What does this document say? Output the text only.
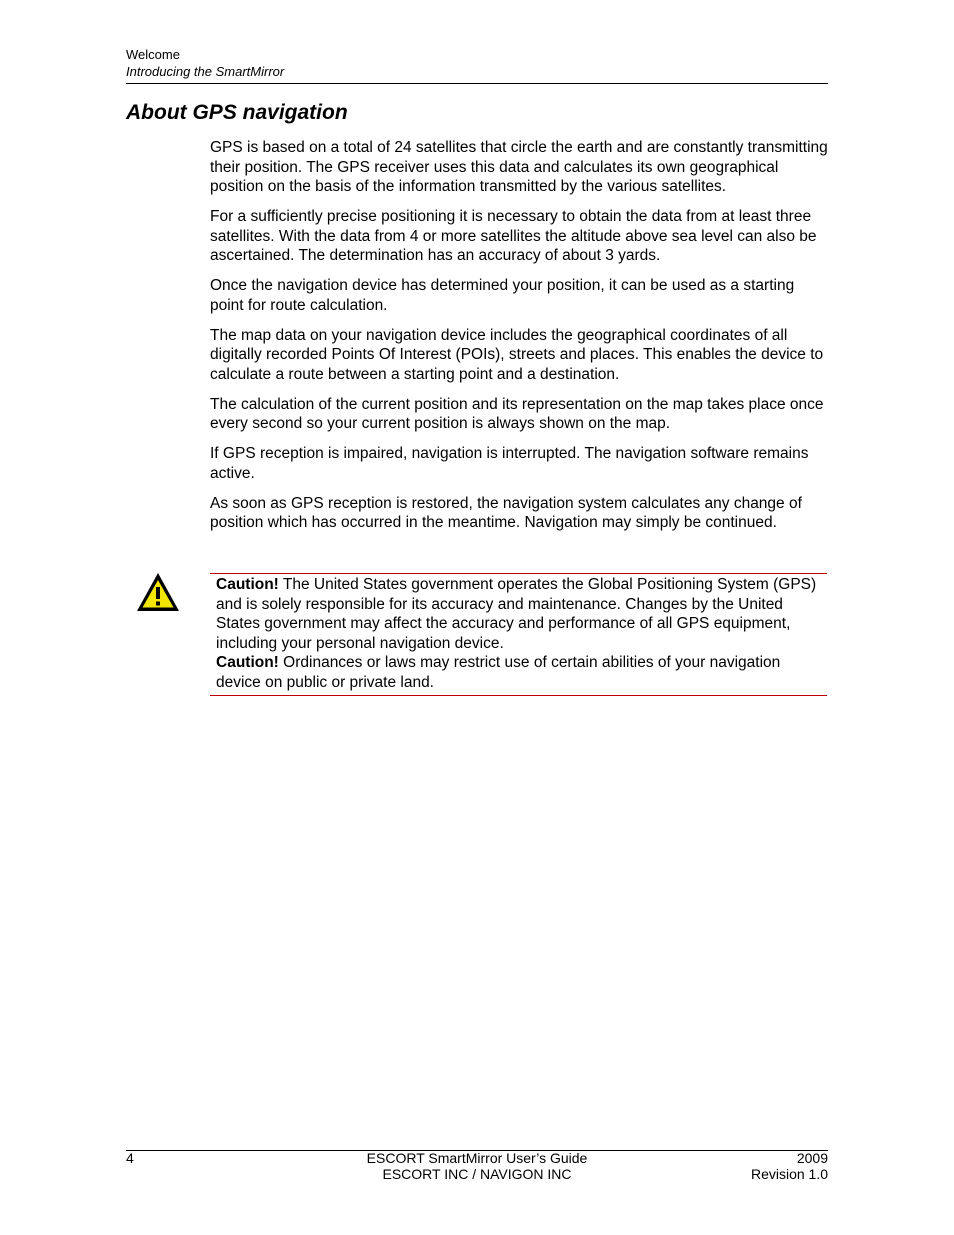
Welcome
Introducing the SmartMirror
About GPS navigation

GPS is based on a total of 24 satellites that circle the earth and are constantly transmitting their position. The GPS receiver uses this data and calculates its own geographical position on the basis of the information transmitted by the various satellites.

For a sufficiently precise positioning it is necessary to obtain the data from at least three satellites. With the data from 4 or more satellites the altitude above sea level can also be ascertained. The determination has an accuracy of about 3 yards.

Once the navigation device has determined your position, it can be used as a starting point for route calculation.

The map data on your navigation device includes the geographical coordinates of all digitally recorded Points Of Interest (POIs), streets and places. This enables the device to calculate a route between a starting point and a destination.

The calculation of the current position and its representation on the map takes place once every second so your current position is always shown on the map.

If GPS reception is impaired, navigation is interrupted. The navigation software remains active.

As soon as GPS reception is restored, the navigation system calculates any change of position which has occurred in the meantime. Navigation may simply be continued.

Caution! The United States government operates the Global Positioning System (GPS) and is solely responsible for its accuracy and maintenance. Changes by the United States government may affect the accuracy and performance of all GPS equipment, including your personal navigation device.

Caution! Ordinances or laws may restrict use of certain abilities of your navigation device on public or private land.

4	ESCORT SmartMirror User’s Guide
ESCORT INC / NAVIGON INC
2009
Revision 1.0
